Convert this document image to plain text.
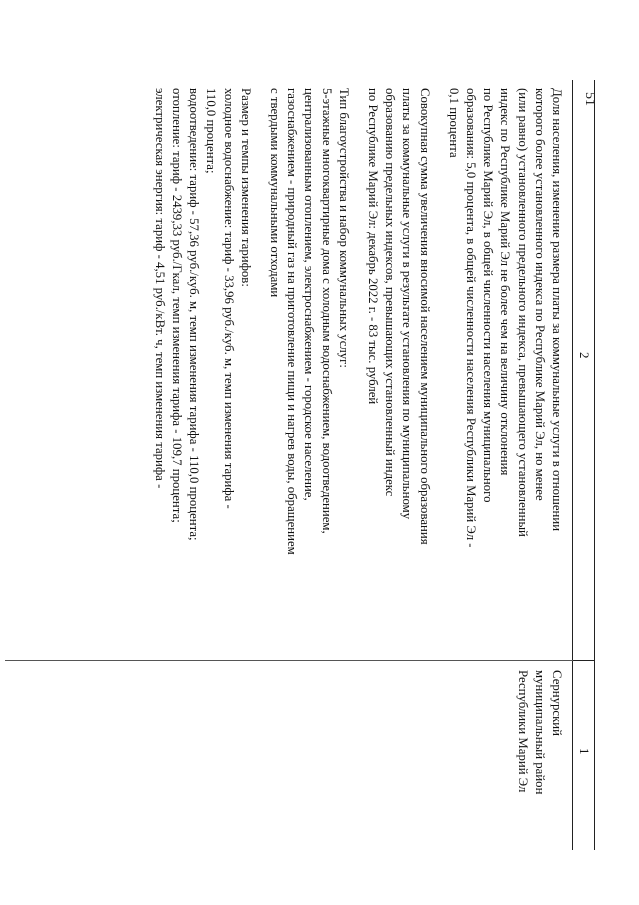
51
2
1

Доля населения, изменение размера платы за коммунальные услуги в отношении
которого более установленного индекса по Республике Марий Эл, но менее
(или равно) установленного предельного индекса, превышающего установленный
индекс по Республике Марий Эл не более чем на величину отклонения
по Республике Марий Эл, в общей численности населения муниципального
образования: 5,0 процента, в общей численности населения Республики Марий Эл -
0,1 процента

Совокупная сумма увеличения вносимой населением муниципального образования
платы за коммунальные услуги в результате установления по муниципальному
образованию предельных индексов, превышающих установленный индекс
по Республике Марий Эл: декабрь 2022 г. - 83 тыс. рублей

Тип благоустройства и набор коммунальных услуг:
5-этажные многоквартирные дома с холодным водоснабжением, водоотведением,
централизованным отоплением, электроснабжением - городское население,
газоснабжением - природный газ на приготовление пищи и нагрев воды, обращением
с твердыми коммунальными отходами

Размер и темпы изменения тарифов:
холодное водоснабжение: тариф - 33,96 руб./куб. м, темп изменения тарифа -
110,0 процента;
водоотведение: тариф - 57,36 руб./куб. м, темп изменения тарифа - 110,0 процента;
отопление: тариф - 2439,33 руб./Гкал, темп изменения тарифа - 109,7 процента;
электрическая энергия: тариф - 4,51 руб./кВт. ч, темп изменения тарифа -

Сернурский
муниципальный район
Республики Марий Эл
